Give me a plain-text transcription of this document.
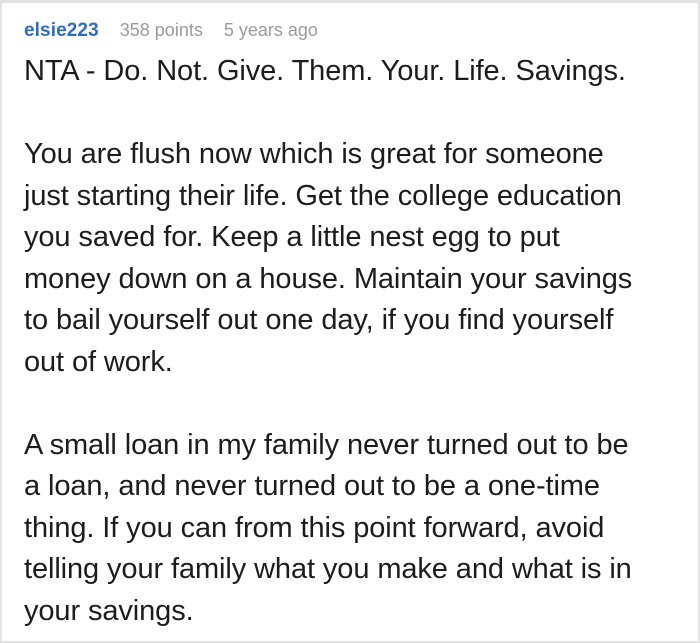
elsie223 358 points 5 years ago
NTA - Do. Not. Give. Them. Your. Life. Savings.
You are flush now which is great for someone
just starting their life. Get the college education
you saved for. Keep a little nest egg to put
money down on a house. Maintain your savings
to bail yourself out one day, if you find yourself
out of work.
A small loan in my family never turned out to be
a loan, and never turned out to be a one-time
thing. If you can from this point forward, avoid
telling your family what you make and what is in
your savings.
